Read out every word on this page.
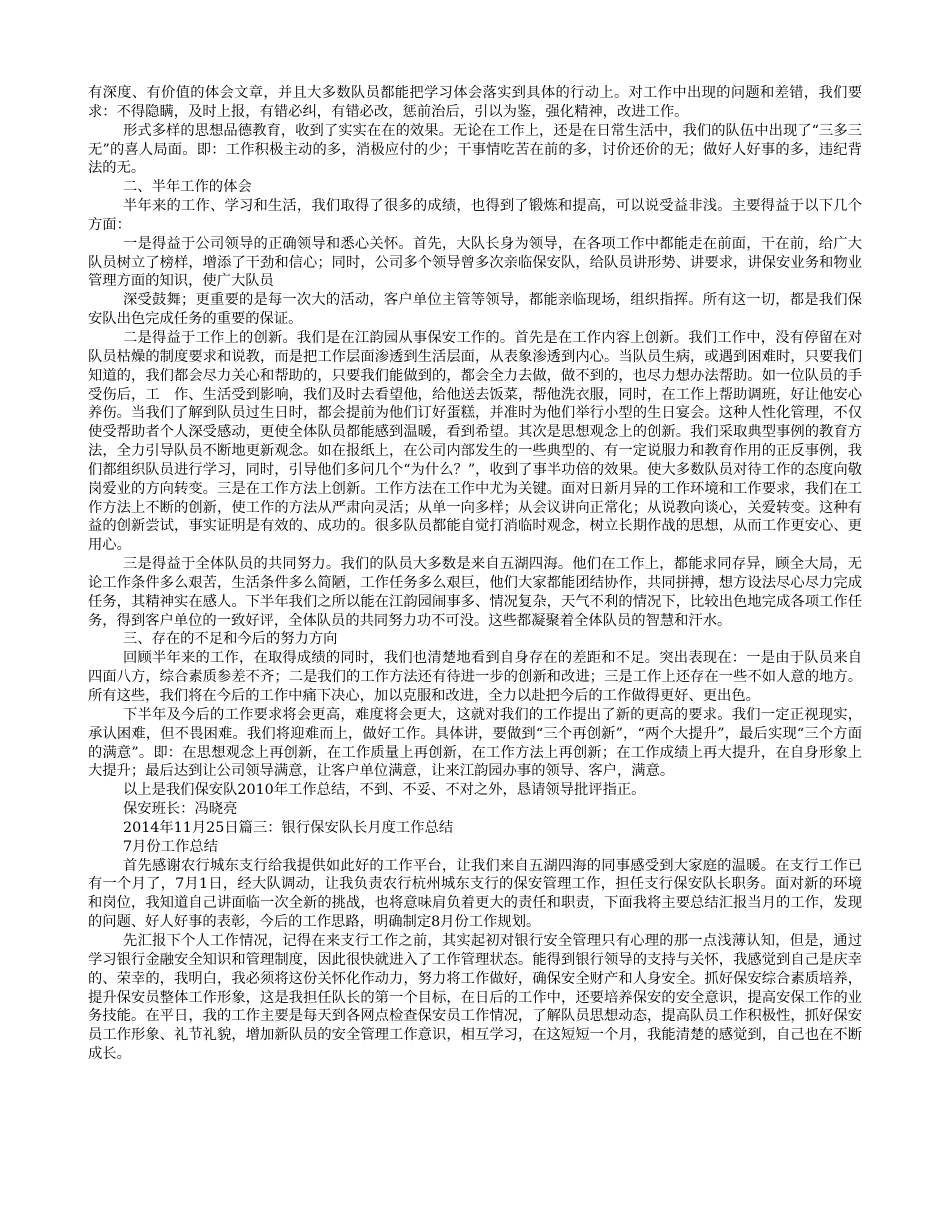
有深度、有价值的体会文章，并且大多数队员都能把学习体会落实到具体的行动上。对工作中出现的问题和差错，我们要求：不得隐瞒，及时上报，有错必纠，有错必改，惩前治后，引以为鉴，强化精神，改进工作。

形式多样的思想品德教育，收到了实实在在的效果。无论在工作上，还是在日常生活中，我们的队伍中出现了“三多三无”的喜人局面。即：工作积极主动的多，消极应付的少；干事情吃苦在前的多，讨价还价的无；做好人好事的多，违纪背法的无。

二、半年工作的体会

半年来的工作、学习和生活，我们取得了很多的成绩，也得到了锻炼和提高，可以说受益非浅。主要得益于以下几个方面：

一是得益于公司领导的正确领导和悉心关怀。首先，大队长身为领导，在各项工作中都能走在前面，干在前，给广大队员树立了榜样，增添了干劲和信心；同时，公司多个领导曾多次亲临保安队，给队员讲形势、讲要求，讲保安业务和物业管理方面的知识，使广大队员

深受鼓舞；更重要的是每一次大的活动，客户单位主管等领导，都能亲临现场，组织指挥。所有这一切，都是我们保安队出色完成任务的重要的保证。

二是得益于工作上的创新。我们是在江韵园从事保安工作的。首先是在工作内容上创新。我们工作中，没有停留在对队员枯燥的制度要求和说教，而是把工作层面渗透到生活层面，从表象渗透到内心。当队员生病，或遇到困难时，只要我们知道的，我们都会尽力关心和帮助的，只要我们能做到的，都会全力去做，做不到的，也尽力想办法帮助。如一位队员的手受伤后，工　作、生活受到影响，我们及时去看望他，给他送去饭菜，帮他洗衣服，同时，在工作上帮助调班，好让他安心养伤。当我们了解到队员过生日时，都会提前为他们订好蛋糕，并准时为他们举行小型的生日宴会。这种人性化管理，不仅使受帮助者个人深受感动，更使全体队员都能感到温暖，看到希望。其次是思想观念上的创新。我们采取典型事例的教育方法，全力引导队员不断地更新观念。如在报纸上，在公司内部发生的一些典型的、有一定说服力和教育作用的正反事例，我们都组织队员进行学习，同时，引导他们多问几个“为什么？”，收到了事半功倍的效果。使大多数队员对待工作的态度向敬岗爱业的方向转变。三是在工作方法上创新。工作方法在工作中尤为关键。面对日新月异的工作环境和工作要求，我们在工作方法上不断的创新，使工作的方法从严肃向灵活；从单一向多样；从会议讲向正常化；从说教向谈心，关爱转变。这种有益的创新尝试，事实证明是有效的、成功的。很多队员都能自觉打消临时观念，树立长期作战的思想，从而工作更安心、更用心。

三是得益于全体队员的共同努力。我们的队员大多数是来自五湖四海。他们在工作上，都能求同存异，顾全大局，无论工作条件多么艰苦，生活条件多么简陋，工作任务多么艰巨，他们大家都能团结协作，共同拼搏，想方设法尽心尽力完成任务，其精神实在感人。下半年我们之所以能在江韵园闹事多、情况复杂，天气不利的情况下，比较出色地完成各项工作任务，得到客户单位的一致好评，全体队员的共同努力功不可没。这些都凝聚着全体队员的智慧和汗水。

三、存在的不足和今后的努力方向

回顾半年来的工作，在取得成绩的同时，我们也清楚地看到自身存在的差距和不足。突出表现在：一是由于队员来自四面八方，综合素质参差不齐；二是我们的工作方法还有待进一步的创新和改进；三是工作上还存在一些不如人意的地方。所有这些，我们将在今后的工作中痛下决心，加以克服和改进，全力以赴把今后的工作做得更好、更出色。

下半年及今后的工作要求将会更高，难度将会更大，这就对我们的工作提出了新的更高的要求。我们一定正视现实，承认困难，但不畏困难。我们将迎难而上，做好工作。具体讲，要做到“三个再创新”，“两个大提升”，最后实现“三个方面的满意”。即：在思想观念上再创新，在工作质量上再创新，在工作方法上再创新；在工作成绩上再大提升，在自身形象上大提升；最后达到让公司领导满意，让客户单位满意，让来江韵园办事的领导、客户，满意。

以上是我们保安队2010年工作总结，不到、不妥、不对之外，恳请领导批评指正。

保安班长：冯晓亮

2014年11月25日篇三：银行保安队长月度工作总结

7月份工作总结

首先感谢农行城东支行给我提供如此好的工作平台，让我们来自五湖四海的同事感受到大家庭的温暖。在支行工作已有一个月了，7月1日，经大队调动，让我负责农行杭州城东支行的保安管理工作，担任支行保安队长职务。面对新的环境和岗位，我知道自己讲面临一次全新的挑战，也将意味肩负着更大的责任和职责，下面我将主要总结汇报当月的工作，发现的问题、好人好事的表彰，今后的工作思路，明确制定8月份工作规划。

先汇报下个人工作情况，记得在来支行工作之前，其实起初对银行安全管理只有心理的那一点浅薄认知，但是，通过学习银行金融安全知识和管理制度，因此很快就进入了工作管理状态。能得到银行领导的支持与关怀，我感觉到自己是庆幸的、荣幸的，我明白，我必须将这份关怀化作动力，努力将工作做好，确保安全财产和人身安全。抓好保安综合素质培养，提升保安员整体工作形象，这是我担任队长的第一个目标，在日后的工作中，还要培养保安的安全意识，提高安保工作的业务技能。在平日，我的工作主要是每天到各网点检查保安员工作情况，了解队员思想动态，提高队员工作积极性，抓好保安员工作形象、礼节礼貌，增加新队员的安全管理工作意识，相互学习，在这短短一个月，我能清楚的感觉到，自己也在不断成长。
